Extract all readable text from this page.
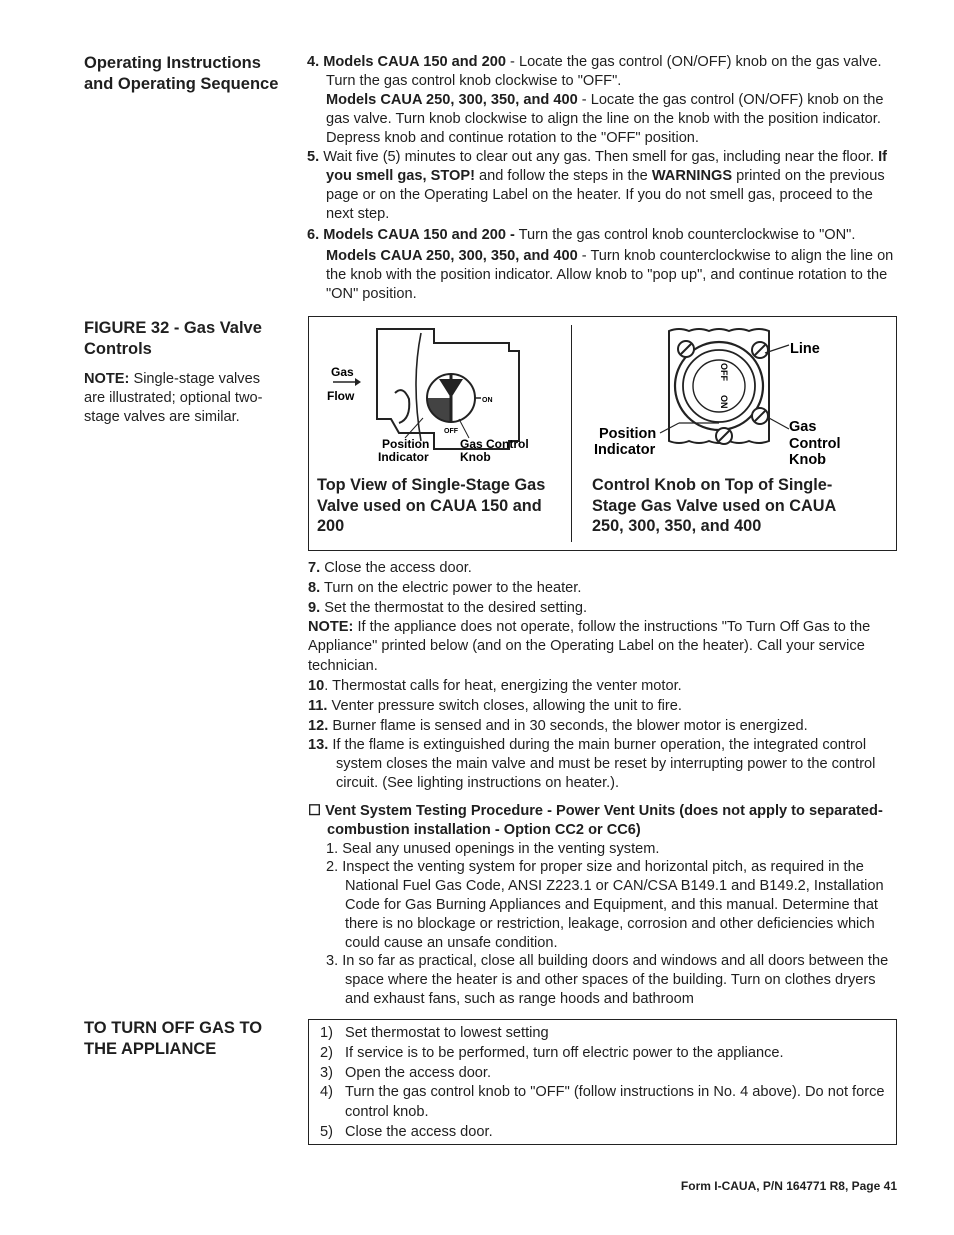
Operating Instructions and Operating Sequence
FIGURE 32 - Gas Valve Controls
NOTE: Single-stage valves are illustrated; optional two-stage valves are similar.
TO TURN OFF GAS TO THE APPLIANCE

4. Models CAUA 150 and 200 - Locate the gas control (ON/OFF) knob on the gas valve. Turn the gas control knob clockwise to "OFF".

Models CAUA 250, 300, 350, and 400 - Locate the gas control (ON/OFF) knob on the gas valve. Turn knob clockwise to align the line on the knob with the position indicator. Depress knob and continue rotation to the "OFF" position.

5. Wait five (5) minutes to clear out any gas. Then smell for gas, including near the floor. If you smell gas, STOP! and follow the steps in the WARNINGS printed on the previous page or on the Operating Label on the heater. If you do not smell gas, proceed to the next step.

6. Models CAUA 150 and 200 - Turn the gas control knob counterclockwise to "ON".

Models CAUA 250, 300, 350, and 400 - Turn knob counterclockwise to align the line on the knob with the position indicator. Allow knob to "pop up", and continue rotation to the "ON" position.

ON
OFF
Gas
Flow
Position
Indicator
Gas Control
Knob
OFF
ON
Line
Position
Indicator
Gas
Control
Knob
Top View of Single-Stage Gas Valve used on CAUA 150 and 200
Control Knob on Top of Single-Stage Gas Valve used on CAUA 250, 300, 350, and 400

7. Close the access door.

8. Turn on the electric power to the heater.

9. Set the thermostat to the desired setting.

NOTE: If the appliance does not operate, follow the instructions "To Turn Off Gas to the Appliance" printed below (and on the Operating Label on the heater). Call your service technician.

10. Thermostat calls for heat, energizing the venter motor.

11. Venter pressure switch closes, allowing the unit to fire.

12. Burner flame is sensed and in 30 seconds, the blower motor is energized.

13. If the flame is extinguished during the main burner operation, the integrated control system closes the main valve and must be reset by interrupting power to the control circuit. (See lighting instructions on heater.).

☐ Vent System Testing Procedure - Power Vent Units (does not apply to separated-combustion installation - Option CC2 or CC6)

1. Seal any unused openings in the venting system.

2. Inspect the venting system for proper size and horizontal pitch, as required in the National Fuel Gas Code, ANSI Z223.1 or CAN/CSA B149.1 and B149.2, Installation Code for Gas Burning Appliances and Equipment, and this manual. Determine that there is no blockage or restriction, leakage, corrosion and other deficiencies which could cause an unsafe condition.

3. In so far as practical, close all building doors and windows and all doors between the space where the heater is and other spaces of the building. Turn on clothes dryers and exhaust fans, such as range hoods and bathroom

1) Set thermostat to lowest setting

2) If service is to be performed, turn off electric power to the appliance.

3) Open the access door.

4) Turn the gas control knob to "OFF" (follow instructions in No. 4 above). Do not force control knob.

5) Close the access door.

Form I-CAUA, P/N 164771 R8, Page 41
